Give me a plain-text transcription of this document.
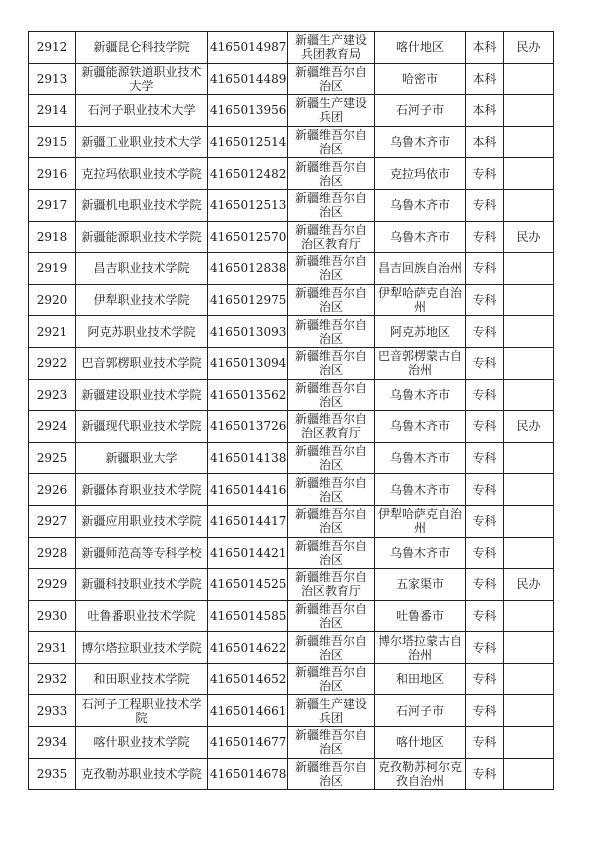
2912	新疆昆仑科技学院	4165014987	新疆生产建设兵团教育局	喀什地区	本科	民办
2913	新疆能源铁道职业技术大学	4165014489	新疆维吾尔自治区	哈密市	本科	
2914	石河子职业技术大学	4165013956	新疆生产建设兵团	石河子市	本科	
2915	新疆工业职业技术大学	4165012514	新疆维吾尔自治区	乌鲁木齐市	本科	
2916	克拉玛依职业技术学院	4165012482	新疆维吾尔自治区	克拉玛依市	专科	
2917	新疆机电职业技术学院	4165012513	新疆维吾尔自治区	乌鲁木齐市	专科	
2918	新疆能源职业技术学院	4165012570	新疆维吾尔自治区教育厅	乌鲁木齐市	专科	民办
2919	昌吉职业技术学院	4165012838	新疆维吾尔自治区	昌吉回族自治州	专科	
2920	伊犁职业技术学院	4165012975	新疆维吾尔自治区	伊犁哈萨克自治州	专科	
2921	阿克苏职业技术学院	4165013093	新疆维吾尔自治区	阿克苏地区	专科	
2922	巴音郭楞职业技术学院	4165013094	新疆维吾尔自治区	巴音郭楞蒙古自治州	专科	
2923	新疆建设职业技术学院	4165013562	新疆维吾尔自治区	乌鲁木齐市	专科	
2924	新疆现代职业技术学院	4165013726	新疆维吾尔自治区教育厅	乌鲁木齐市	专科	民办
2925	新疆职业大学	4165014138	新疆维吾尔自治区	乌鲁木齐市	专科	
2926	新疆体育职业技术学院	4165014416	新疆维吾尔自治区	乌鲁木齐市	专科	
2927	新疆应用职业技术学院	4165014417	新疆维吾尔自治区	伊犁哈萨克自治州	专科	
2928	新疆师范高等专科学校	4165014421	新疆维吾尔自治区	乌鲁木齐市	专科	
2929	新疆科技职业技术学院	4165014525	新疆维吾尔自治区教育厅	五家渠市	专科	民办
2930	吐鲁番职业技术学院	4165014585	新疆维吾尔自治区	吐鲁番市	专科	
2931	博尔塔拉职业技术学院	4165014622	新疆维吾尔自治区	博尔塔拉蒙古自治州	专科	
2932	和田职业技术学院	4165014652	新疆维吾尔自治区	和田地区	专科	
2933	石河子工程职业技术学院	4165014661	新疆生产建设兵团	石河子市	专科	
2934	喀什职业技术学院	4165014677	新疆维吾尔自治区	喀什地区	专科	
2935	克孜勒苏职业技术学院	4165014678	新疆维吾尔自治区	克孜勒苏柯尔克孜自治州	专科	
